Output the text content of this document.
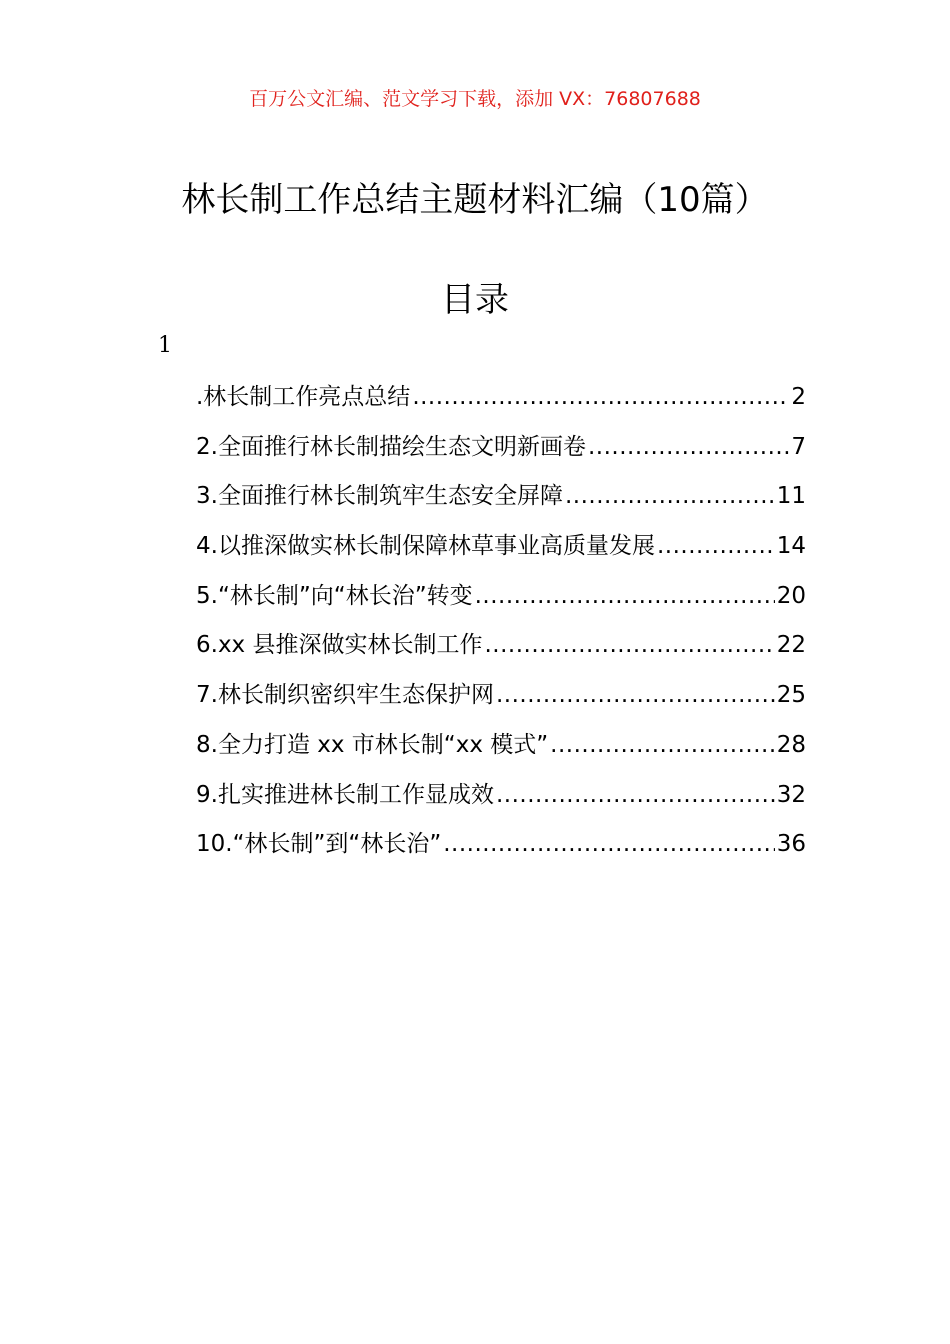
百万公文汇编、范文学习下载，添加 VX：76807688
林长制工作总结主题材料汇编（10篇）
目录
1
.林长制工作亮点总结 .....	2
2.全面推行林长制描绘生态文明新画卷 .....	7
3.全面推行林长制筑牢生态安全屏障 .....	11
4.以推深做实林长制保障林草事业高质量发展 .....	14
5.“林长制”向“林长治”转变 .....	20
6.xx 县推深做实林长制工作 .....	22
7.林长制织密织牢生态保护网 .....	25
8.全力打造 xx 市林长制“xx 模式” .....	28
9.扎实推进林长制工作显成效 .....	32
10.“林长制”到“林长治” .....	36
